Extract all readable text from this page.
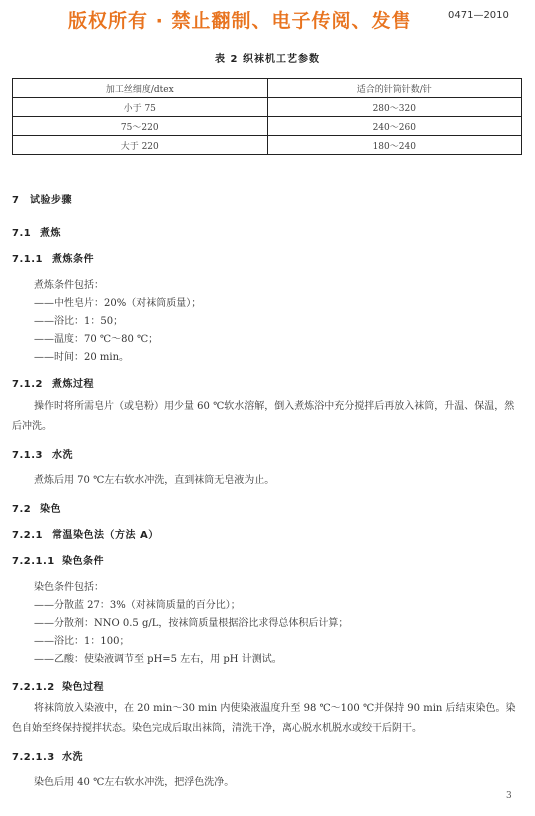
版权所有 · 禁止翻制、电子传阅、发售	0471—2010
表 2 织袜机工艺参数
加工丝细度/dtex	适合的针筒针数/针
小于 75	280～320
75～220	240～260
大于 220	180～240
7 试验步骤
7.1 煮炼
7.1.1 煮炼条件
煮炼条件包括：
——中性皂片：20%（对袜筒质量）；
——浴比：1：50；
——温度：70 ℃～80 ℃；
——时间：20 min。
7.1.2 煮炼过程
操作时将所需皂片（或皂粉）用少量 60 ℃软水溶解，倒入煮炼浴中充分搅拌后再放入袜筒，升温、保温，然后冲洗。
7.1.3 水洗
煮炼后用 70 ℃左右软水冲洗，直到袜筒无皂液为止。
7.2 染色
7.2.1 常温染色法（方法 A）
7.2.1.1 染色条件
染色条件包括：
——分散蓝 27：3%（对袜筒质量的百分比）；
——分散剂：NNO 0.5 g/L，按袜筒质量根据浴比求得总体积后计算；
——浴比：1：100；
——乙酸：使染液调节至 pH=5 左右，用 pH 计测试。
7.2.1.2 染色过程
将袜筒放入染液中，在 20 min～30 min 内使染液温度升至 98 ℃～100 ℃并保持 90 min 后结束染色。染色自始至终保持搅拌状态。染色完成后取出袜筒，清洗干净，离心脱水机脱水或绞干后阴干。
7.2.1.3 水洗
染色后用 40 ℃左右软水冲洗，把浮色洗净。
3
